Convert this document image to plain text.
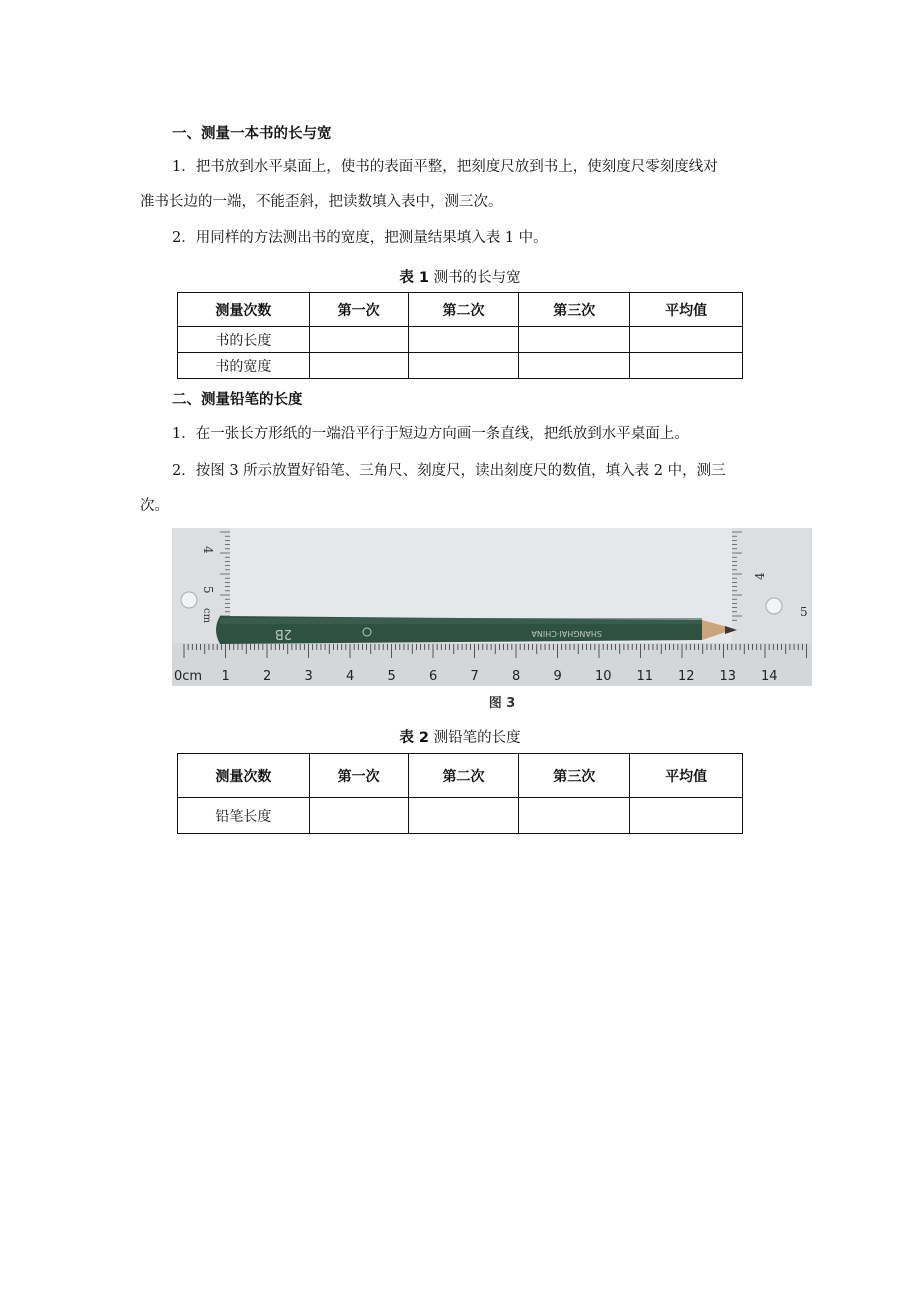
一、测量一本书的长与宽
1．把书放到水平桌面上，使书的表面平整，把刻度尺放到书上，使刻度尺零刻度线对
准书长边的一端，不能歪斜，把读数填入表中，测三次。
2．用同样的方法测出书的宽度，把测量结果填入表 1 中。
表 1 测书的长与宽
测量次数	第一次	第二次	第三次	平均值
书的长度				
书的宽度				
二、测量铅笔的长度
1．在一张长方形纸的一端沿平行于短边方向画一条直线，把纸放到水平桌面上。
2．按图 3 所示放置好铅笔、三角尺、刻度尺，读出刻度尺的数值，填入表 2 中，测三
次。
4
5
cm
4
5
0cm 1	2	3	4	5	6	7	8	9	10 11 12 13 14
2B	SHANGHAI·CHINA
图 3
表 2 测铅笔的长度
测量次数	第一次	第二次	第三次	平均值
铅笔长度				
